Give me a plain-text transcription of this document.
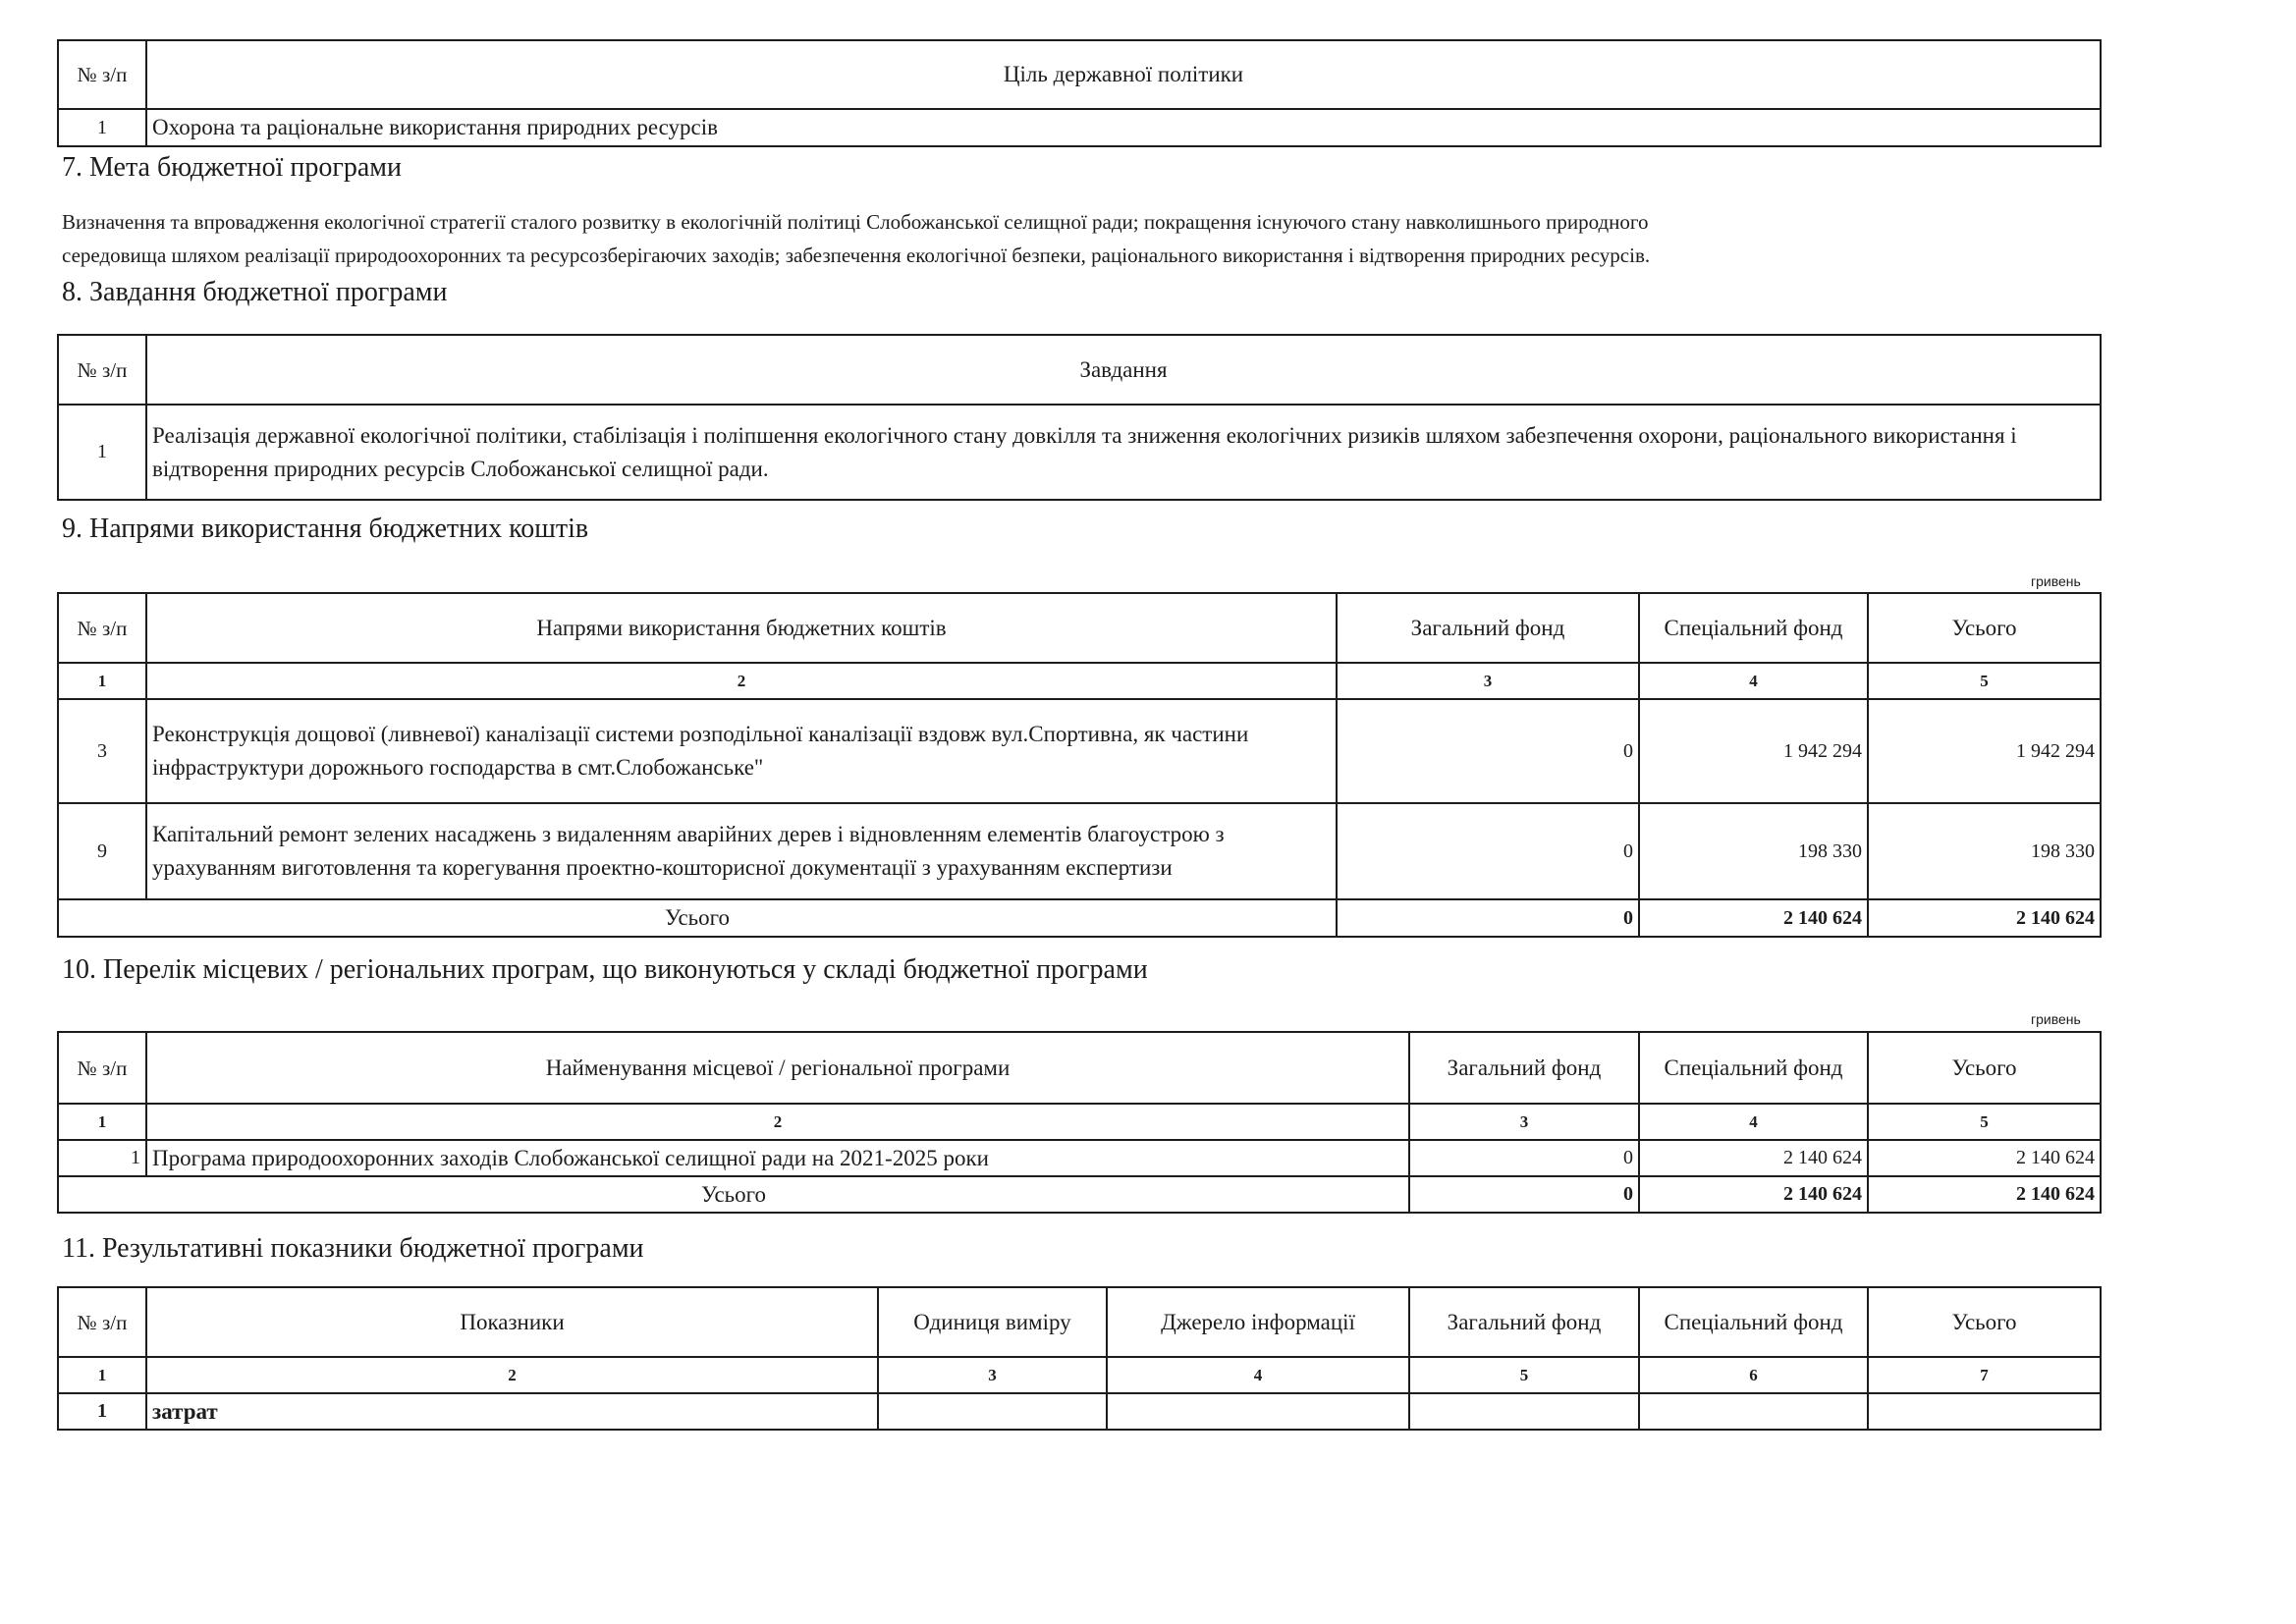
№ з/п	Ціль державної політики
1	Охорона та раціональне використання природних ресурсів
7. Мета бюджетної програми
Визначення та впровадження екологічної стратегії сталого розвитку в екологічній політиці Слобожанської селищної ради; покращення існуючого стану навколишнього природного
середовища шляхом реалізації природоохоронних та ресурсозберігаючих заходів; забезпечення екологічної безпеки, раціонального використання і відтворення природних ресурсів.
8. Завдання бюджетної програми
№ з/п	Завдання
1	Реалізація державної екологічної політики, стабілізація і поліпшення екологічного стану довкілля та зниження екологічних ризиків шляхом забезпечення охорони, раціонального використання і відтворення природних ресурсів Слобожанської селищної ради.
9. Напрями використання бюджетних коштів
гривень
№ з/п	Напрями використання бюджетних коштів	Загальний фонд	Спеціальний фонд	Усього
1	2	3	4	5
3	Реконструкція дощової (ливневої) каналізації системи розподільної каналізації вздовж вул.Спортивна, як частини інфраструктури дорожнього господарства в смт.Слобожанське"	0	1 942 294	1 942 294
9	Капітальний ремонт зелених насаджень з видаленням аварійних дерев і відновленням елементів благоустрою з урахуванням виготовлення та корегування проектно-кошторисної документації з урахуванням експертизи	0	198 330	198 330
Усього		0	2 140 624	2 140 624
10. Перелік місцевих / регіональних програм, що виконуються у складі бюджетної програми
гривень
№ з/п	Найменування місцевої / регіональної програми	Загальний фонд	Спеціальний фонд	Усього
1	2	3	4	5
1	Програма природоохоронних заходів Слобожанської селищної ради на 2021-2025 роки	0	2 140 624	2 140 624
Усього		0	2 140 624	2 140 624
11. Результативні показники бюджетної програми
№ з/п	Показники	Одиниця виміру	Джерело інформації	Загальний фонд	Спеціальний фонд	Усього
1	2	3	4	5	6	7
1	затрат					
